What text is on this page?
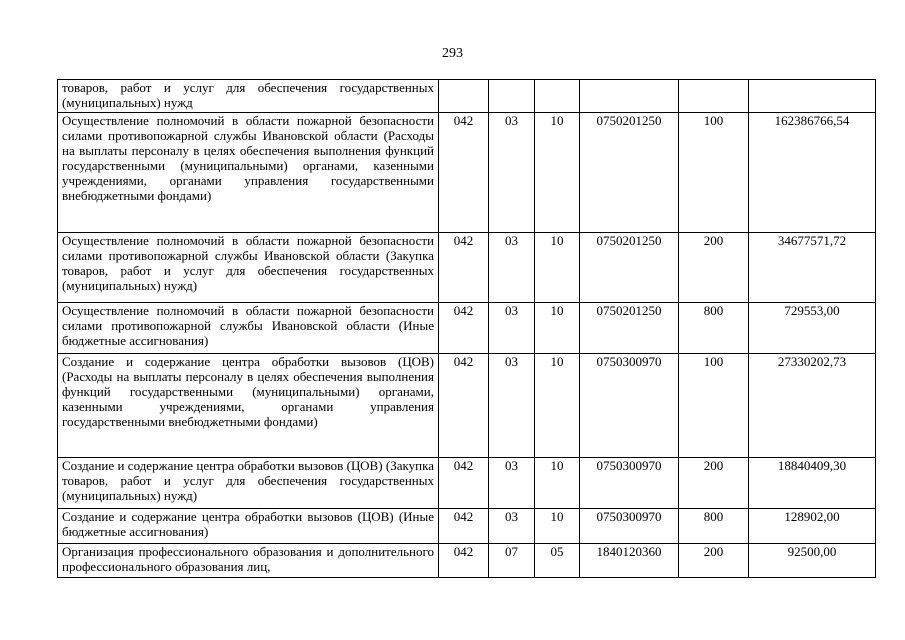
293
товаров, работ и услуг для обеспечения государственных (муниципальных) нужд						
Осуществление полномочий в области пожарной безопасности силами противопожарной службы Ивановской области (Расходы на выплаты персоналу в целях обеспечения выполнения функций государственными (муниципальными) органами, казенными учреждениями, органами управления государственными внебюджетными фондами)	042	03	10	0750201250	100	162386766,54
Осуществление полномочий в области пожарной безопасности силами противопожарной службы Ивановской области (Закупка товаров, работ и услуг для обеспечения государственных (муниципальных) нужд)	042	03	10	0750201250	200	34677571,72
Осуществление полномочий в области пожарной безопасности силами противопожарной службы Ивановской области (Иные бюджетные ассигнования)	042	03	10	0750201250	800	729553,00
Создание и содержание центра обработки вызовов (ЦОВ) (Расходы на выплаты персоналу в целях обеспечения выполнения функций государственными (муниципальными) органами, казенными учреждениями, органами управления государственными внебюджетными фондами)	042	03	10	0750300970	100	27330202,73
Создание и содержание центра обработки вызовов (ЦОВ) (Закупка товаров, работ и услуг для обеспечения государственных (муниципальных) нужд)	042	03	10	0750300970	200	18840409,30
Создание и содержание центра обработки вызовов (ЦОВ) (Иные бюджетные ассигнования)	042	03	10	0750300970	800	128902,00
Организация профессионального образования и дополнительного профессионального образования лиц,	042	07	05	1840120360	200	92500,00
